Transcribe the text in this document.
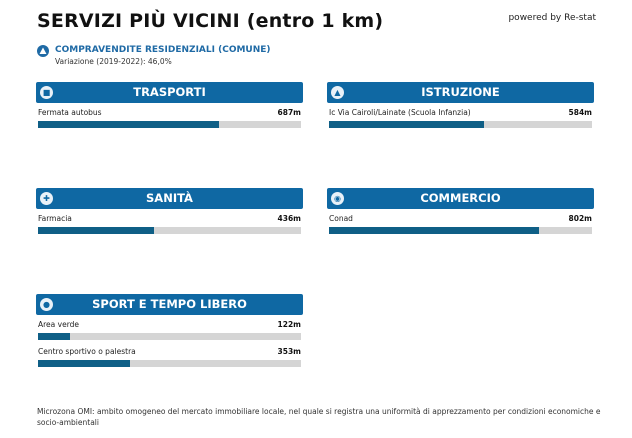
SERVIZI PIÙ VICINI (entro 1 km)	powered by Re-stat
COMPRAVENDITE RESIDENZIALI (COMUNE)
Variazione (2019-2022): 46,0%
■	TRASPORTI
Fermata autobus	687m
▲	ISTRUZIONE
Ic Via Cairoli/Lainate (Scuola Infanzia)	584m
✚	SANITÀ
Farmacia	436m
◉	COMMERCIO
Conad	802m
●	SPORT E TEMPO LIBERO
Area verde	122m
Centro sportivo o palestra	353m
Microzona OMI: ambito omogeneo del mercato immobiliare locale, nel quale si registra una uniformità di apprezzamento per condizioni economiche e socio-ambientali
